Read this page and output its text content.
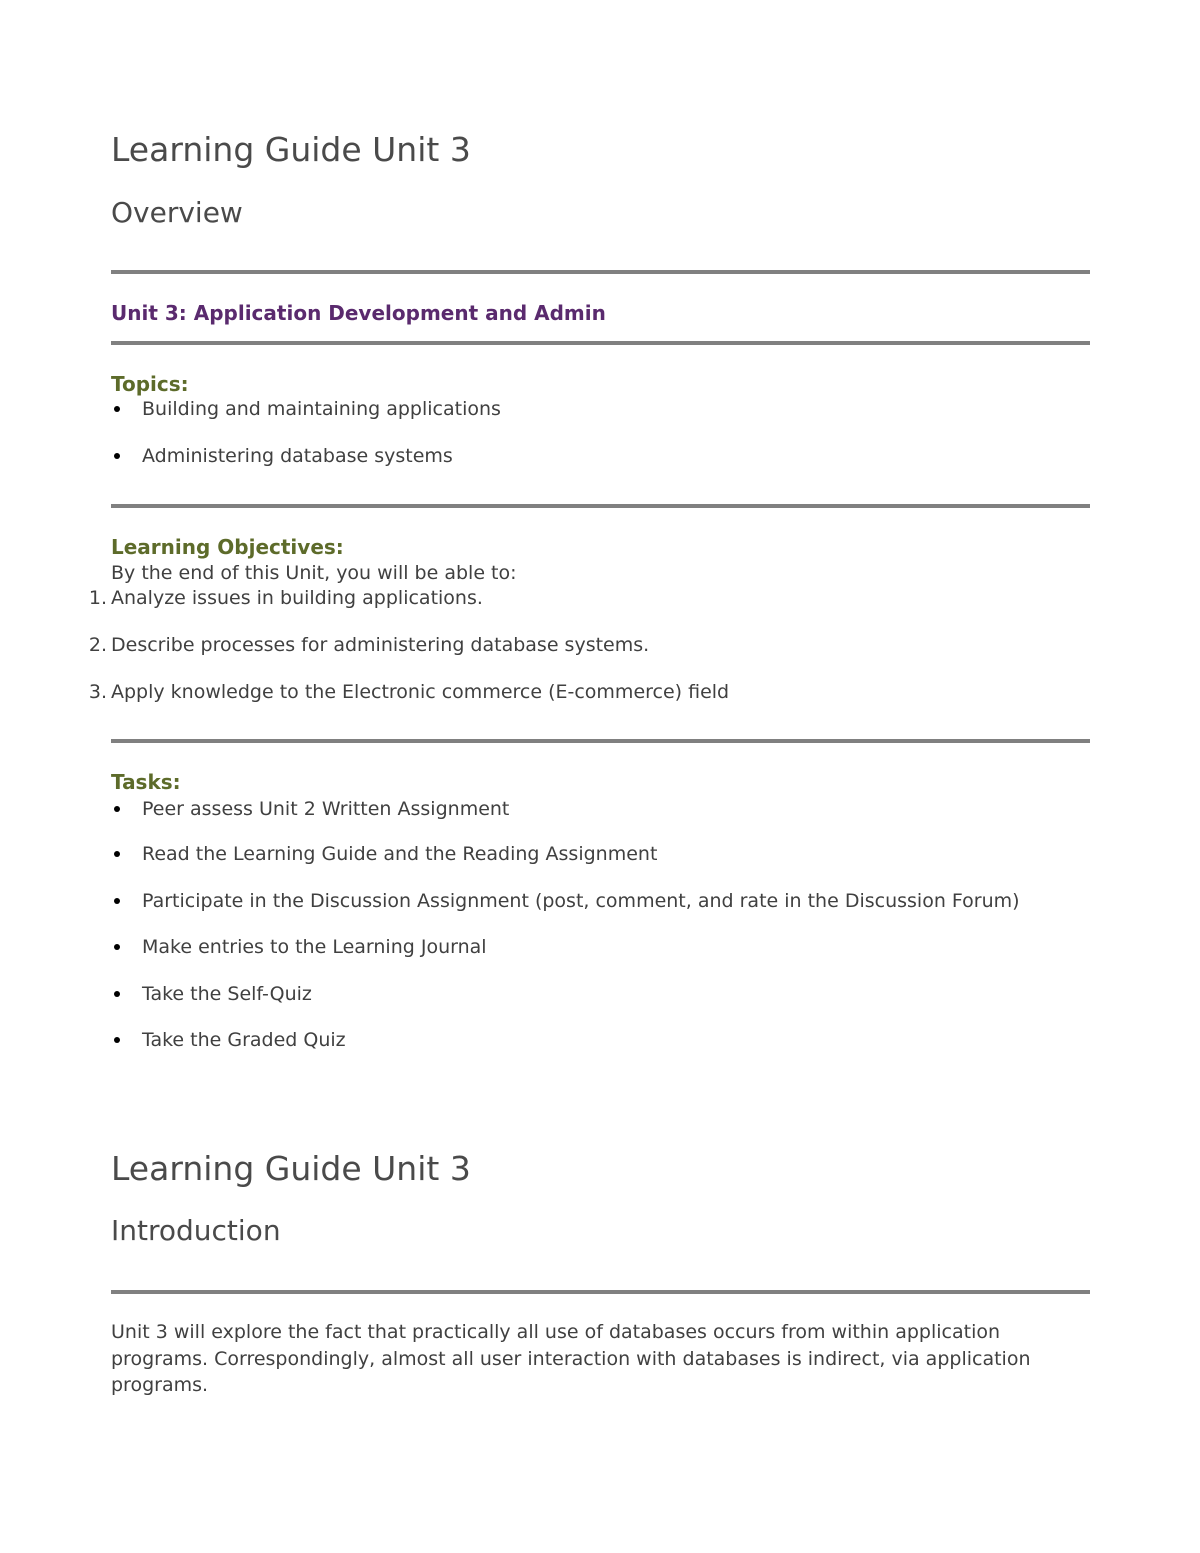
Learning Guide Unit 3
Overview
Unit 3: Application Development and Admin
Topics:
Building and maintaining applications
Administering database systems
Learning Objectives:
By the end of this Unit, you will be able to:
1 . Analyze issues in building applications.
2 . Describe processes for administering database systems.
3 . Apply knowledge to the Electronic commerce (E-commerce) field
Tasks:
Peer assess Unit 2 Written Assignment
Read the Learning Guide and the Reading Assignment
Participate in the Discussion Assignment (post, comment, and rate in the Discussion Forum)
Make entries to the Learning Journal
Take the Self-Quiz
Take the Graded Quiz
Learning Guide Unit 3
Introduction
Unit 3 will explore the fact that practically all use of databases occurs from within application programs. Correspondingly, almost all user interaction with databases is indirect, via application programs.
